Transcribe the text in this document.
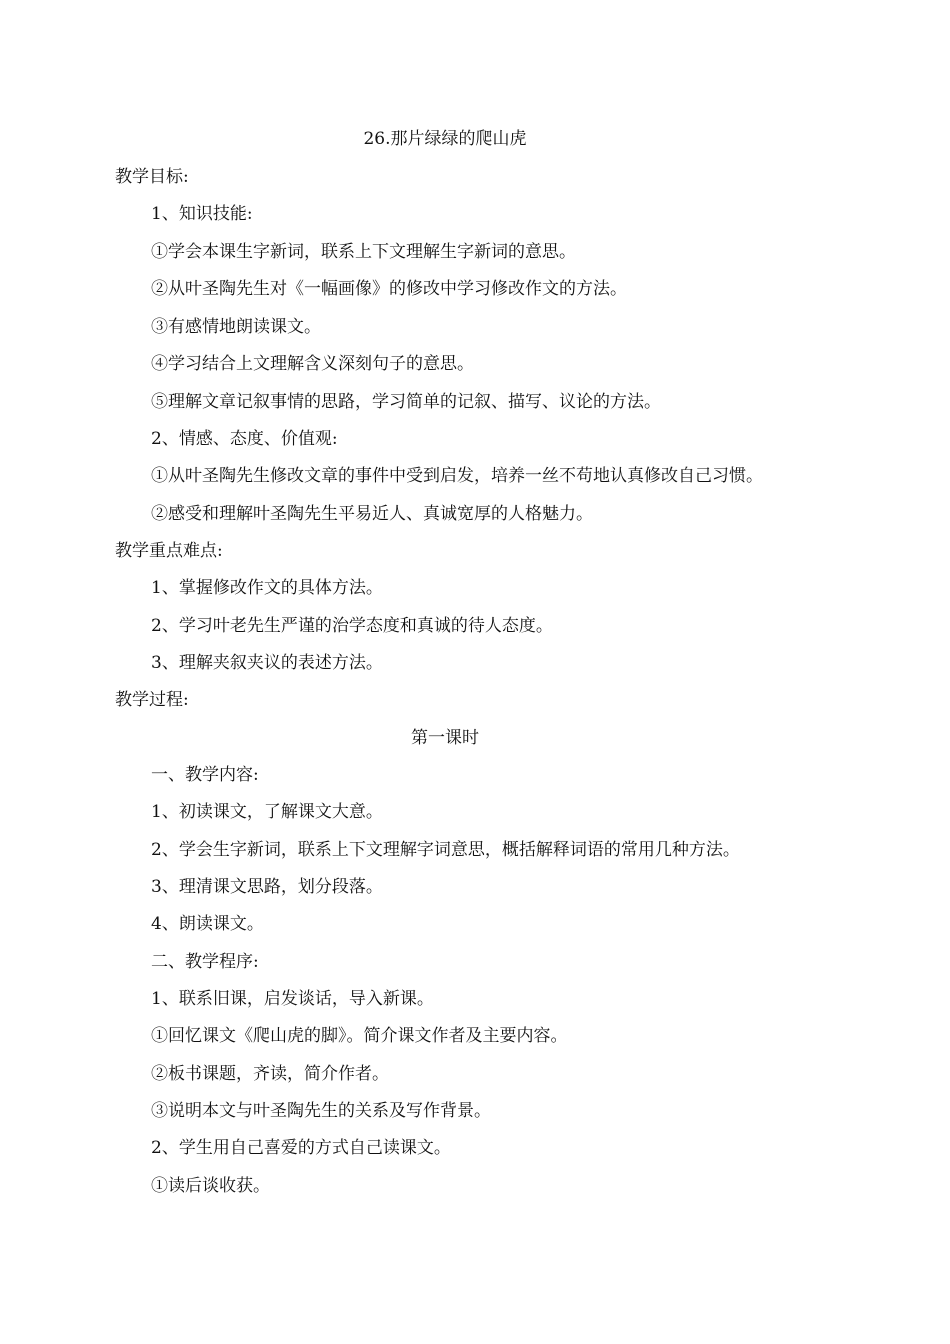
26.那片绿绿的爬山虎
教学目标:
1、知识技能:
①学会本课生字新词，联系上下文理解生字新词的意思。
②从叶圣陶先生对《一幅画像》的修改中学习修改作文的方法。
③有感情地朗读课文。
④学习结合上文理解含义深刻句子的意思。
⑤理解文章记叙事情的思路，学习简单的记叙、描写、议论的方法。
2、情感、态度、价值观:
①从叶圣陶先生修改文章的事件中受到启发，培养一丝不苟地认真修改自己习惯。
②感受和理解叶圣陶先生平易近人、真诚宽厚的人格魅力。
教学重点难点:
1、掌握修改作文的具体方法。
2、学习叶老先生严谨的治学态度和真诚的待人态度。
3、理解夹叙夹议的表述方法。
教学过程:
第一课时
一、教学内容:
1、初读课文，了解课文大意。
2、学会生字新词，联系上下文理解字词意思，概括解释词语的常用几种方法。
3、理清课文思路，划分段落。
4、朗读课文。
二、教学程序:
1、联系旧课，启发谈话，导入新课。
①回忆课文《爬山虎的脚》。简介课文作者及主要内容。
②板书课题，齐读，简介作者。
③说明本文与叶圣陶先生的关系及写作背景。
2、学生用自己喜爱的方式自己读课文。
①读后谈收获。
